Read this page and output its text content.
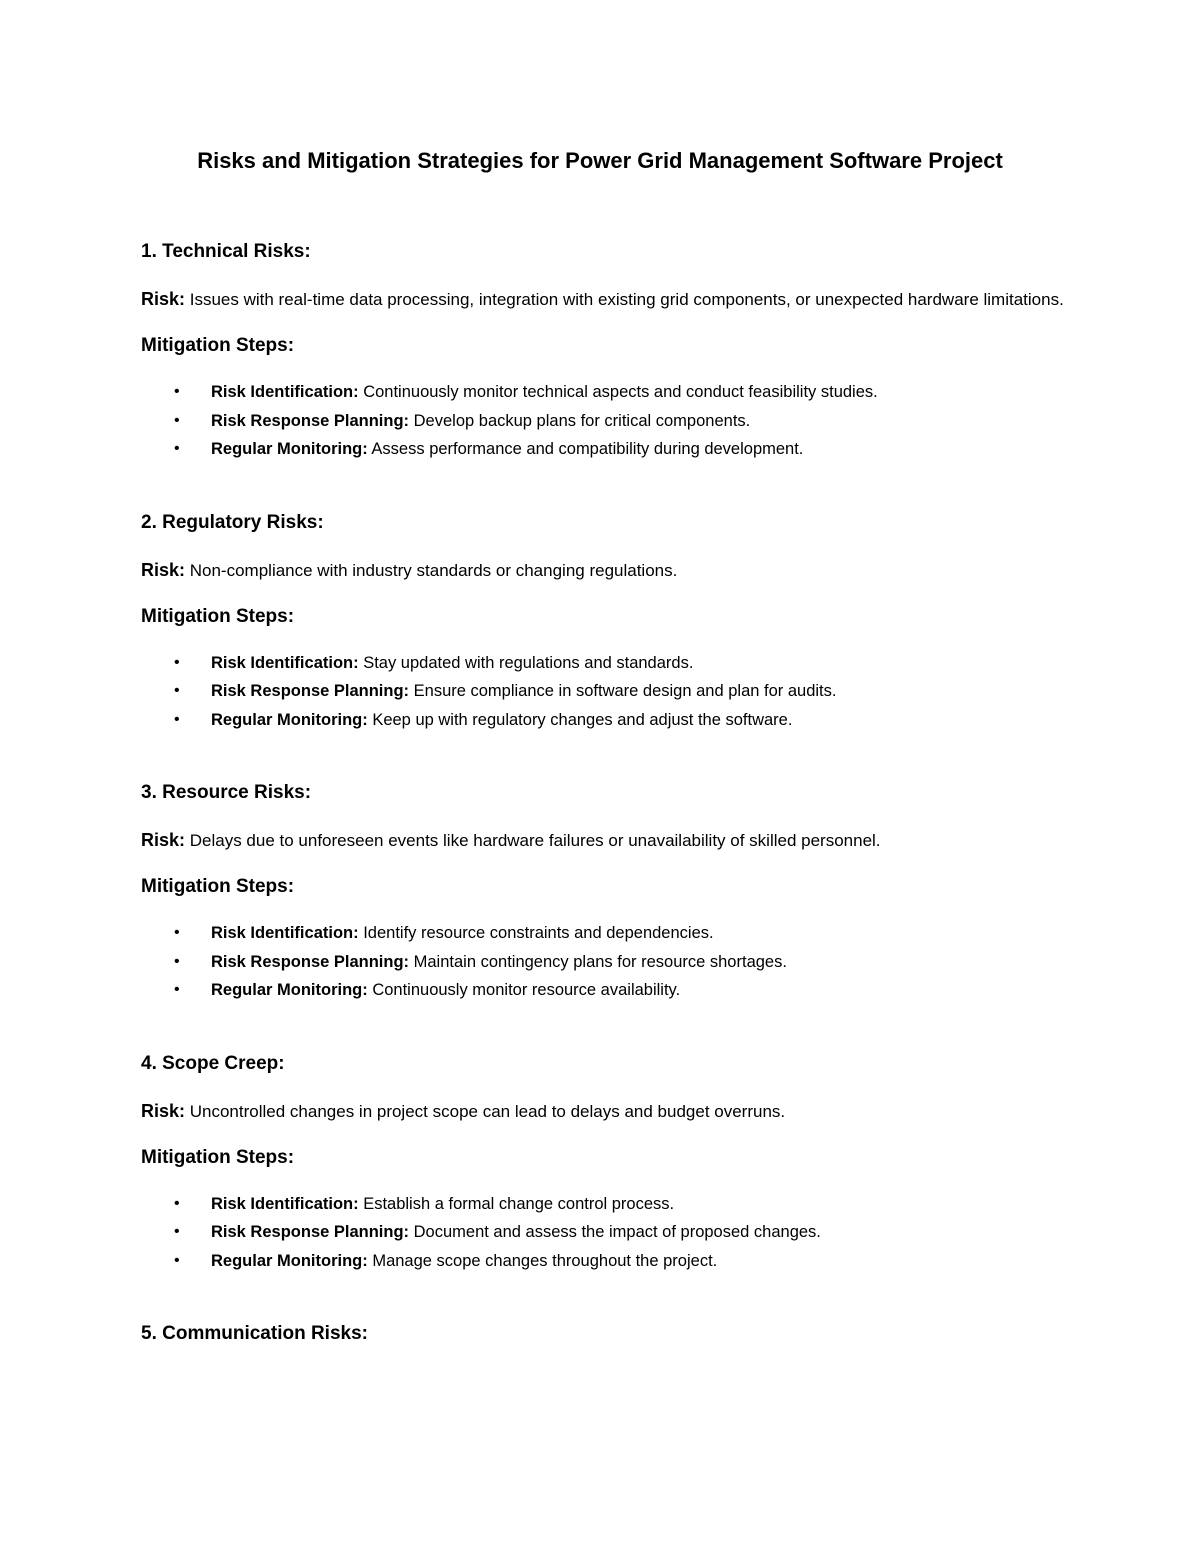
Risks and Mitigation Strategies for Power Grid Management Software Project
1. Technical Risks:
Risk: Issues with real-time data processing, integration with existing grid components, or unexpected hardware limitations.
Mitigation Steps:
• Risk Identification: Continuously monitor technical aspects and conduct feasibility studies.
• Risk Response Planning: Develop backup plans for critical components.
• Regular Monitoring: Assess performance and compatibility during development.
2. Regulatory Risks:
Risk: Non-compliance with industry standards or changing regulations.
Mitigation Steps:
• Risk Identification: Stay updated with regulations and standards.
• Risk Response Planning: Ensure compliance in software design and plan for audits.
• Regular Monitoring: Keep up with regulatory changes and adjust the software.
3. Resource Risks:
Risk: Delays due to unforeseen events like hardware failures or unavailability of skilled personnel.
Mitigation Steps:
• Risk Identification: Identify resource constraints and dependencies.
• Risk Response Planning: Maintain contingency plans for resource shortages.
• Regular Monitoring: Continuously monitor resource availability.
4. Scope Creep:
Risk: Uncontrolled changes in project scope can lead to delays and budget overruns.
Mitigation Steps:
• Risk Identification: Establish a formal change control process.
• Risk Response Planning: Document and assess the impact of proposed changes.
• Regular Monitoring: Manage scope changes throughout the project.
5. Communication Risks:
